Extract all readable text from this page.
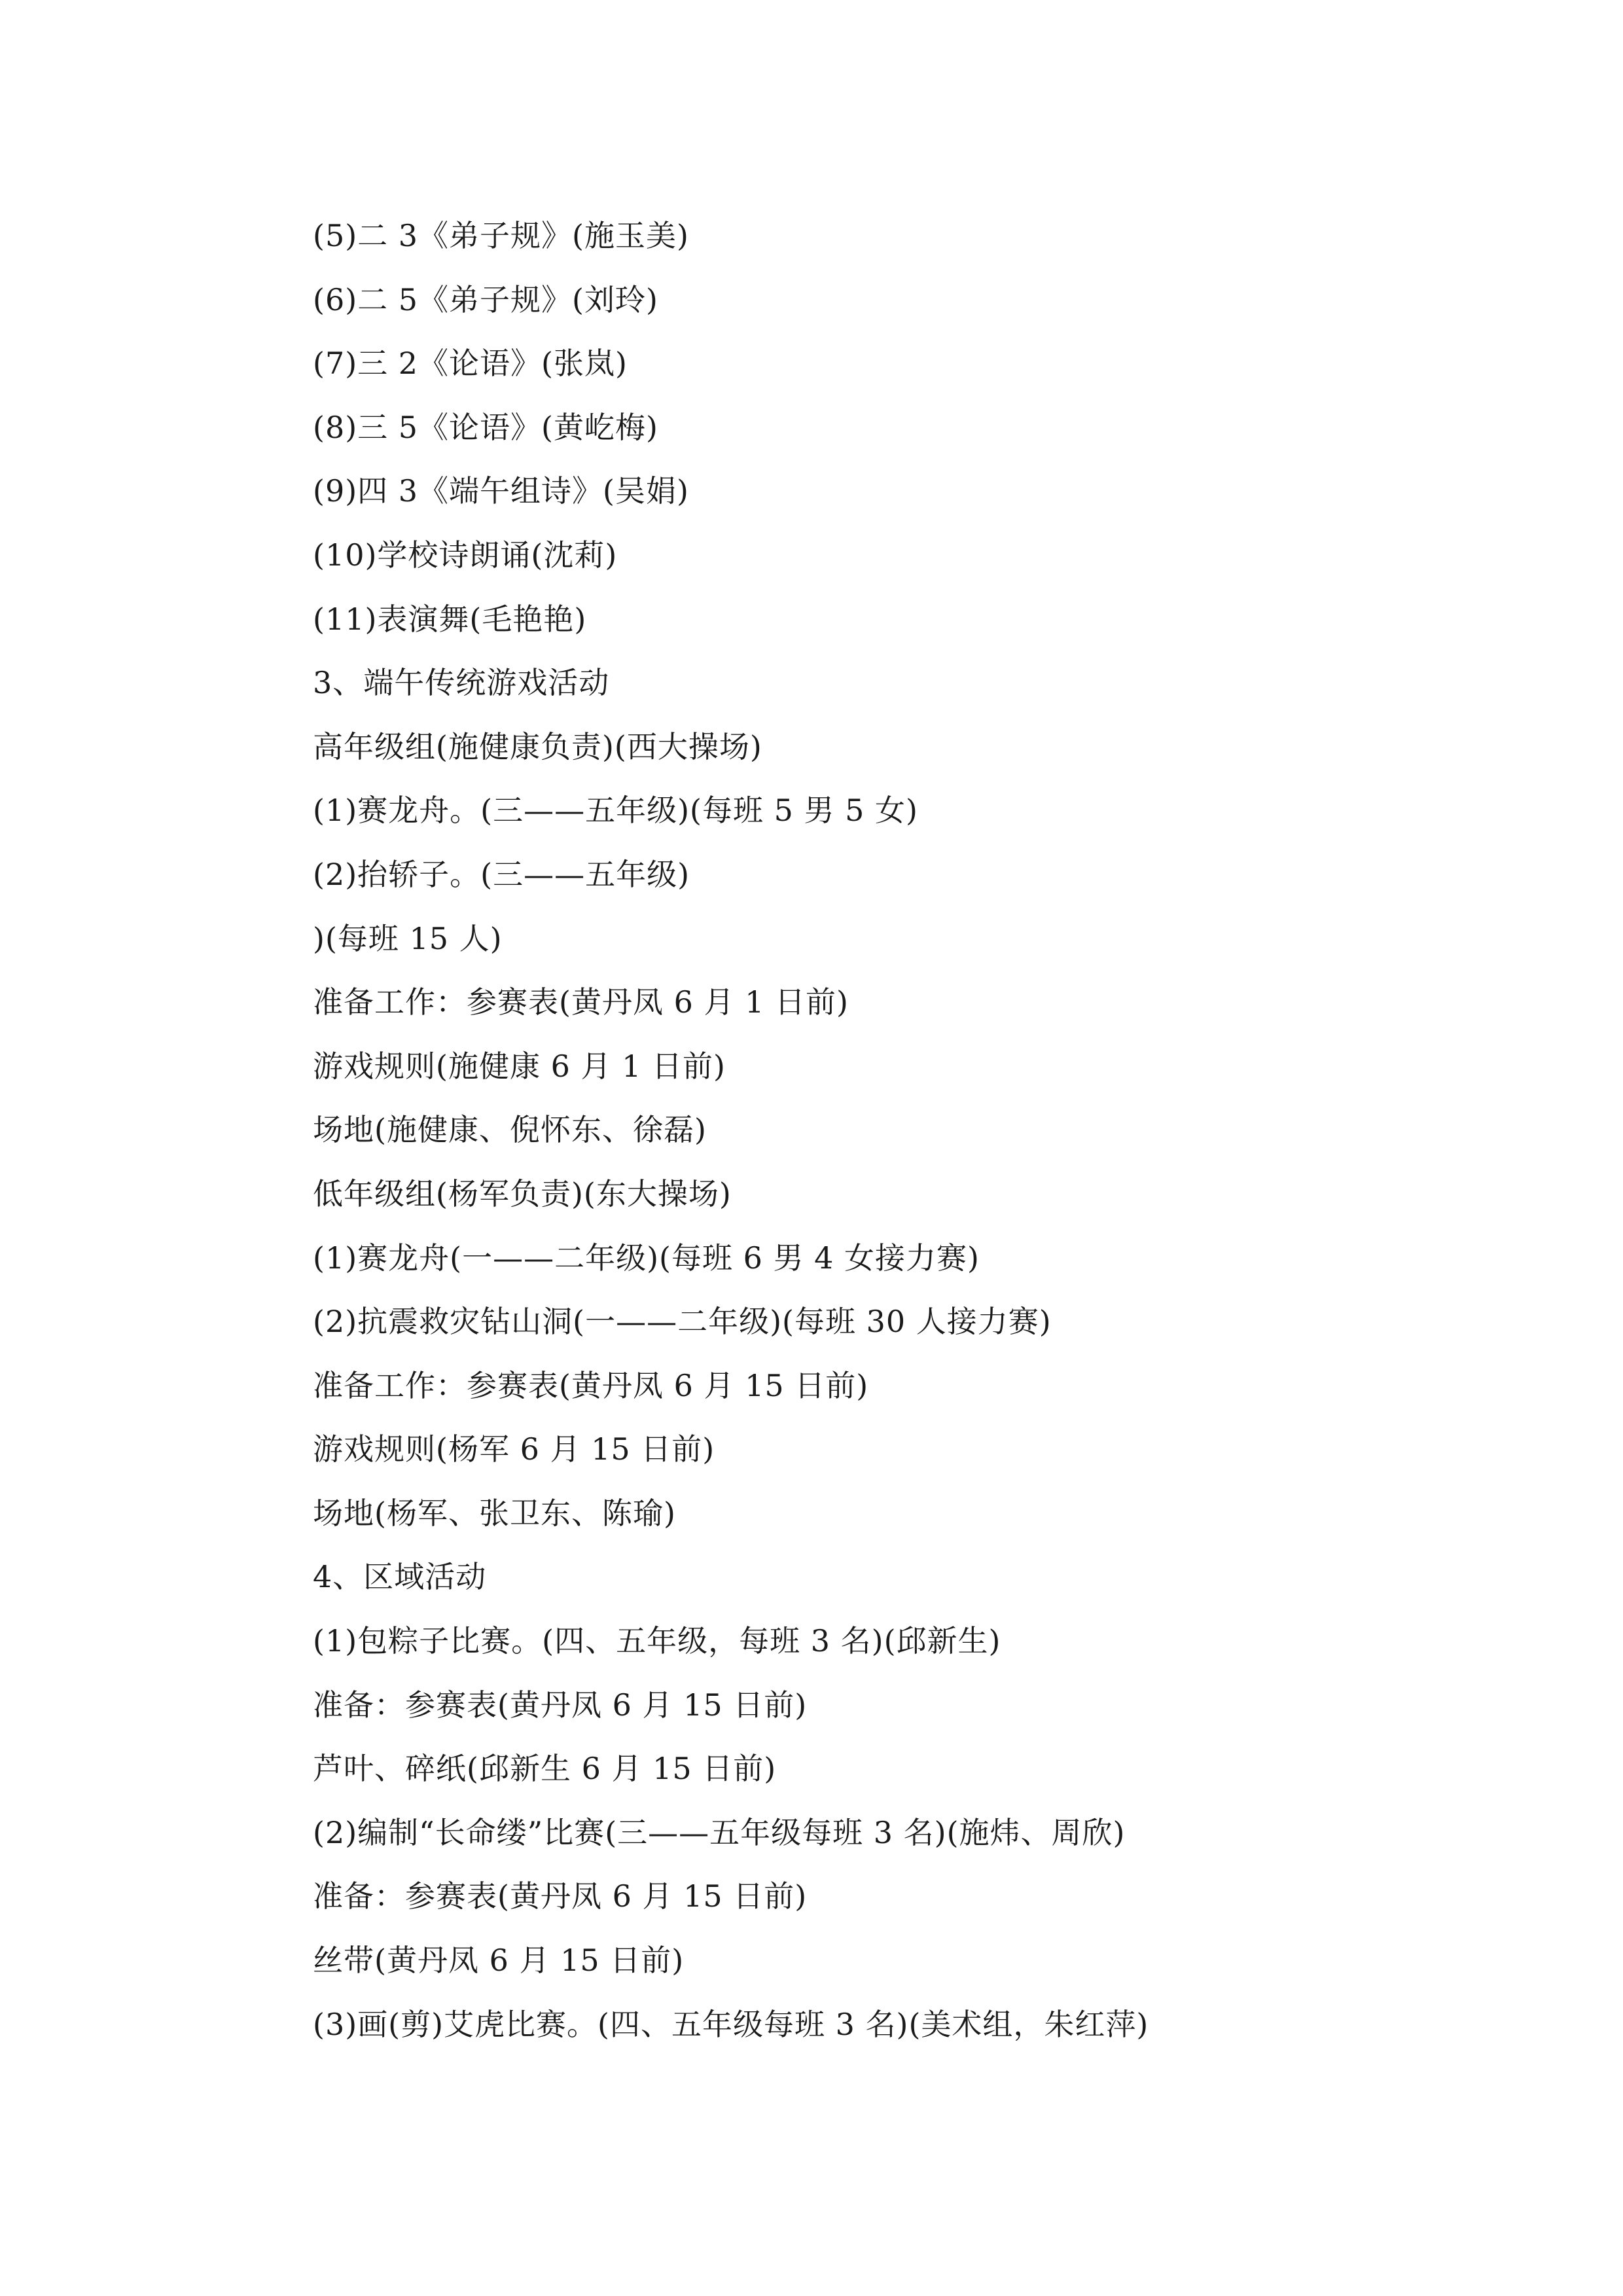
(5)二 3《弟子规》(施玉美)
(6)二 5《弟子规》(刘玲)
(7)三 2《论语》(张岚)
(8)三 5《论语》(黄屹梅)
(9)四 3《端午组诗》(吴娟)
(10)学校诗朗诵(沈莉)
(11)表演舞(毛艳艳)
3、端午传统游戏活动
高年级组(施健康负责)(西大操场)
(1)赛龙舟。(三——五年级)(每班 5 男 5 女)
(2)抬轿子。(三——五年级)
)(每班 15 人)
准备工作：参赛表(黄丹凤 6 月 1 日前)
游戏规则(施健康 6 月 1 日前)
场地(施健康、倪怀东、徐磊)
低年级组(杨军负责)(东大操场)
(1)赛龙舟(一——二年级)(每班 6 男 4 女接力赛)
(2)抗震救灾钻山洞(一——二年级)(每班 30 人接力赛)
准备工作：参赛表(黄丹凤 6 月 15 日前)
游戏规则(杨军 6 月 15 日前)
场地(杨军、张卫东、陈瑜)
4、区域活动
(1)包粽子比赛。(四、五年级，每班 3 名)(邱新生)
准备：参赛表(黄丹凤 6 月 15 日前)
芦叶、碎纸(邱新生 6 月 15 日前)
(2)编制“长命缕”比赛(三——五年级每班 3 名)(施炜、周欣)
准备：参赛表(黄丹凤 6 月 15 日前)
丝带(黄丹凤 6 月 15 日前)
(3)画(剪)艾虎比赛。(四、五年级每班 3 名)(美术组，朱红萍)
